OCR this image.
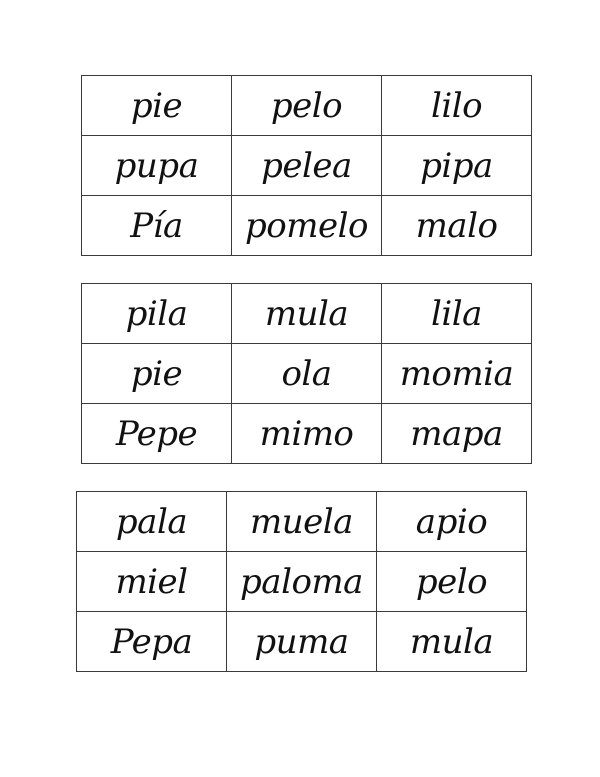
pie	pelo	lilo
pupa	pelea	pipa
Pía	pomelo	malo
pila	mula	lila
pie	ola	momia
Pepe	mimo	mapa
pala	muela	apio
miel	paloma	pelo
Pepa	puma	mula
